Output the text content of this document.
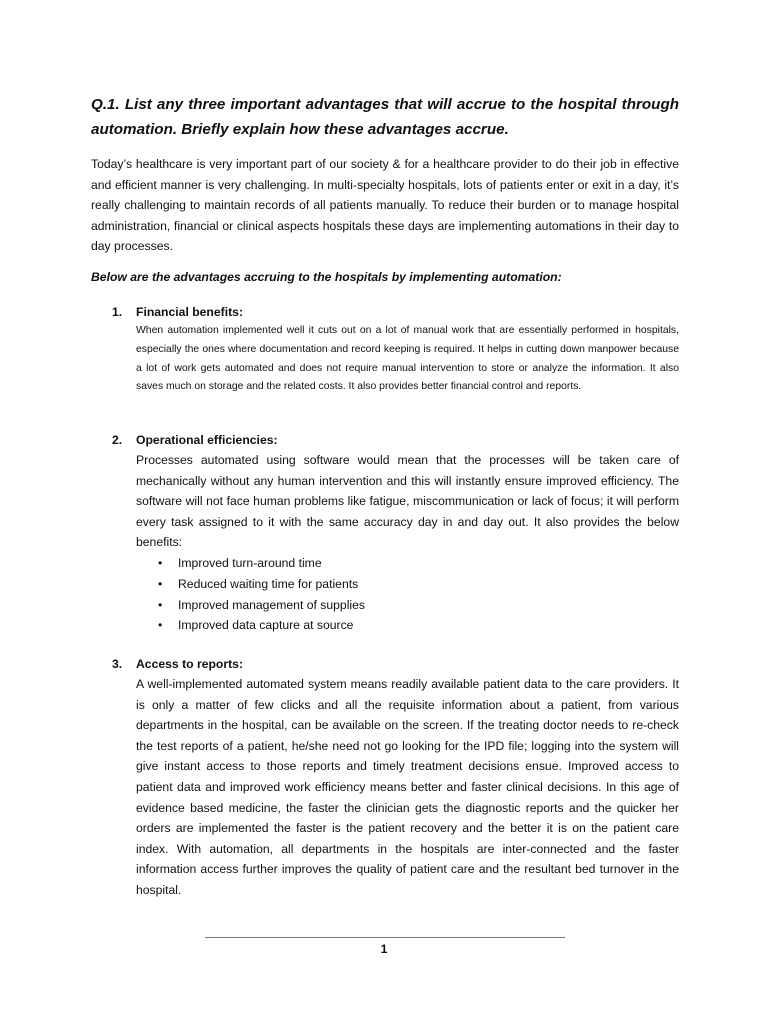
Q.1. List any three important advantages that will accrue to the hospital through automation. Briefly explain how these advantages accrue.

Today’s healthcare is very important part of our society & for a healthcare provider to do their job in effective and efficient manner is very challenging. In multi-specialty hospitals, lots of patients enter or exit in a day, it’s really challenging to maintain records of all patients manually. To reduce their burden or to manage hospital administration, financial or clinical aspects hospitals these days are implementing automations in their day to day processes.

Below are the advantages accruing to the hospitals by implementing automation:

1.	Financial benefits:

When automation implemented well it cuts out on a lot of manual work that are essentially performed in hospitals, especially the ones where documentation and record keeping is required. It helps in cutting down manpower because a lot of work gets automated and does not require manual intervention to store or analyze the information. It also saves much on storage and the related costs. It also provides better financial control and reports.

2.	Operational efficiencies:

Processes automated using software would mean that the processes will be taken care of mechanically without any human intervention and this will instantly ensure improved efficiency. The software will not face human problems like fatigue, miscommunication or lack of focus; it will perform every task assigned to it with the same accuracy day in and day out. It also provides the below benefits:

•	Improved turn-around time
•	Reduced waiting time for patients
•	Improved management of supplies
•	Improved data capture at source
3.	Access to reports:

A well-implemented automated system means readily available patient data to the care providers. It is only a matter of few clicks and all the requisite information about a patient, from various departments in the hospital, can be available on the screen. If the treating doctor needs to re-check the test reports of a patient, he/she need not go looking for the IPD file; logging into the system will give instant access to those reports and timely treatment decisions ensue. Improved access to patient data and improved work efficiency means better and faster clinical decisions. In this age of evidence based medicine, the faster the clinician gets the diagnostic reports and the quicker her orders are implemented the faster is the patient recovery and the better it is on the patient care index. With automation, all departments in the hospitals are inter-connected and the faster information access further improves the quality of patient care and the resultant bed turnover in the hospital.

1
